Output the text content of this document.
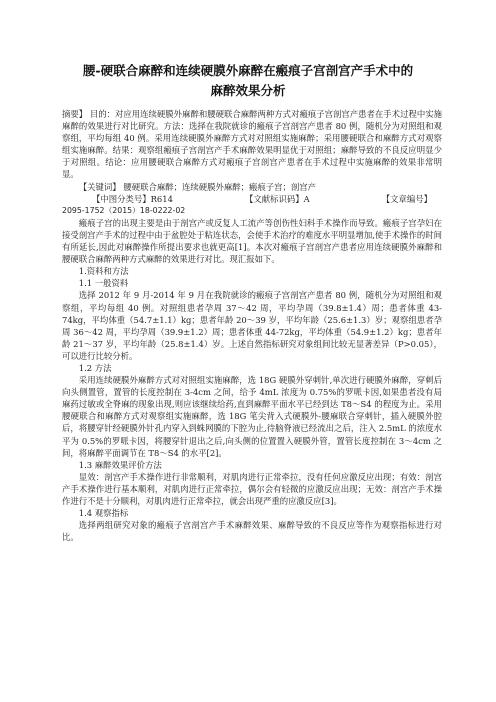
腰-硬联合麻醉和连续硬膜外麻醉在瘢痕子宫剖宫产手术中的
麻醉效果分析

摘要】 目的：对应用连续硬膜外麻醉和腰硬联合麻醉两种方式对瘢痕子宫剖宫产患者在手术过程中实施麻醉的效果进行对比研究。方法：选择在我院就诊的瘢痕子宫剖宫产患者 80 例，随机分为对照组和观察组，平均每组 40 例。采用连续硬膜外麻醉方式对对照组实施麻醉；采用腰硬联合和麻醉方式对观察组实施麻醉。结果：观察组瘢痕子宫剖宫产手术麻醉效果明显优于对照组；麻醉导致的不良反应明显少于对照组。结论：应用腰硬联合麻醉方式对瘢痕子宫剖宫产患者在手术过程中实施麻醉的效果非常明显。

【关键词】 腰硬联合麻醉；连续硬膜外麻醉；瘢痕子宫；剖宫产

【中图分类号】R614	【文献标识码】A	【文章编号】

2095-1752（2015）18-0222-02

瘢痕子宫的出现主要是由于剖宫产或反复人工流产等创伤性妇科手术操作而导致。瘢痕子宫孕妇在接受剖宫产手术的过程中由于盆腔处于粘连状态，会使手术治疗的难度水平明显增加,使手术操作的时间有所延长,因此对麻醉操作所提出要求也就更高[1]。本次对瘢痕子宫剖宫产患者应用连续硬膜外麻醉和腰硬联合麻醉两种方式麻醉的效果进行对比。现汇报如下。

1.资料和方法

1.1 一般资料

选择 2012 年 9 月-2014 年 9 月在我院就诊的瘢痕子宫剖宫产患者 80 例，随机分为对照组和观察组，平均每组 40 例。对照组患者孕周 37～42 周，平均孕周（39.8±1.4）周；患者体重 43-74kg，平均体重（54.7±1.1）kg；患者年龄 20～39 岁，平均年龄（25.6±1.3）岁；观察组患者孕周 36～42 周，平均孕周（39.9±1.2）周；患者体重 44-72kg，平均体重（54.9±1.2）kg；患者年龄 21～37 岁，平均年龄（25.8±1.4）岁。上述自然指标研究对象组间比较无显著差异（P>0.05），可以进行比较分析。

1.2 方法

采用连续硬膜外麻醉方式对对照组实施麻醉，选 18G 硬膜外穿刺针,单次进行硬膜外麻醉，穿刺后向头侧置管，置管的长度控制在 3-4cm 之间，给予 4mL 浓度为 0.75%的罗哌卡因,如果患者没有局麻药过敏或全脊麻的现象出现,则应该继续给药,直到麻醉平面水平已经到达 T8～S4 的程度为止。采用腰硬联合和麻醉方式对观察组实施麻醉，选 18G 笔尖背入式硬膜外-腰麻联合穿刺针，插入硬膜外腔后，将腰穿针经硬膜外针孔内穿入到蛛网膜的下腔为止,待脑脊液已经流出之后，注入 2.5mL 的浓度水平为 0.5%的罗哌卡因，将腰穿针退出之后,向头侧的位置置入硬膜外管，置管长度控制在 3～4cm 之间，将麻醉平面调节在 T8～S4 的水平[2]。

1.3 麻醉效果评价方法

显效：剖宫产手术操作进行非常顺利，对肌肉进行正常牵拉，没有任何应激反应出现；有效：剖宫产手术操作进行基本顺利，对肌肉进行正常牵拉，偶尔会有轻微的应激反应出现；无效：剖宫产手术操作进行不是十分顺利，对肌肉进行正常牵拉，就会出现严重的应激反应[3]。

1.4 观察指标

选择两组研究对象的瘢痕子宫剖宫产手术麻醉效果、麻醉导致的不良反应等作为观察指标进行对比。
